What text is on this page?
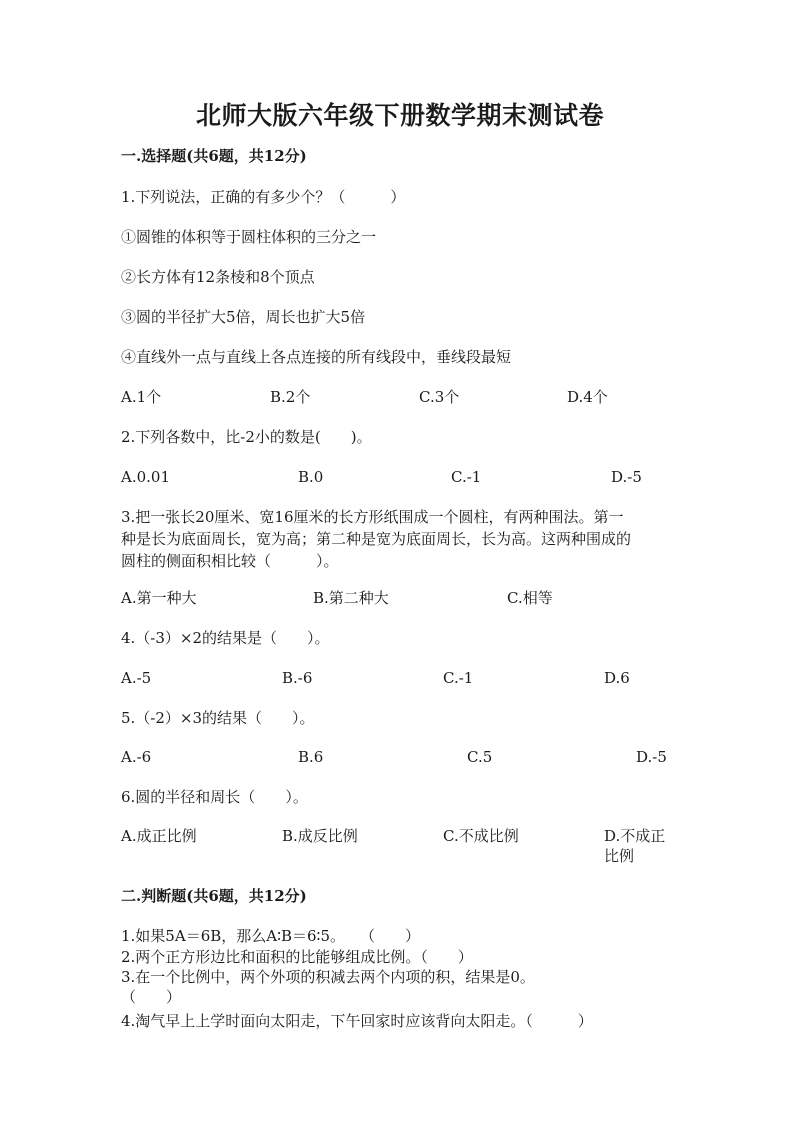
北师大版六年级下册数学期末测试卷
一.选择题(共6题，共12分)
1.下列说法，正确的有多少个？（　　　）
①圆锥的体积等于圆柱体积的三分之一
②长方体有12条棱和8个顶点
③圆的半径扩大5倍，周长也扩大5倍
④直线外一点与直线上各点连接的所有线段中，垂线段最短
A.1个	B.2个	C.3个	D.4个
2.下列各数中，比-2小的数是(　　)。
A.0.01	B.0	C.-1	D.-5
3.把一张长20厘米、宽16厘米的长方形纸围成一个圆柱，有两种围法。第一
种是长为底面周长，宽为高；第二种是宽为底面周长，长为高。这两种围成的
圆柱的侧面积相比较（　　　）。
A.第一种大	B.第二种大	C.相等
4.（-3）×2的结果是（　　）。
A.-5	B.-6	C.-1	D.6
5.（-2）×3的结果（　　）。
A.-6	B.6	C.5	D.-5
6.圆的半径和周长（　　）。
A.成正比例	B.成反比例	C.不成比例	D.不成正比例
二.判断题(共6题，共12分)
1.如果5A＝6B，那么A∶B＝6∶5。　　（　　）
2.两个正方形边比和面积的比能够组成比例。（　　）
3.在一个比例中，两个外项的积减去两个内项的积，结果是0。
（　　）
4.淘气早上上学时面向太阳走，下午回家时应该背向太阳走。（　　　）
